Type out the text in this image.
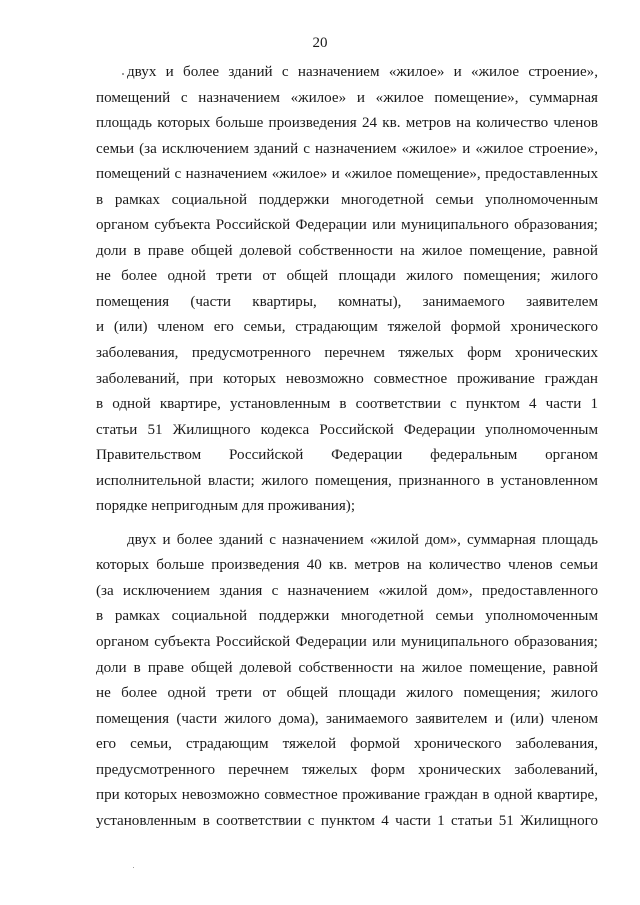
20
двух и более зданий с назначением «жилое» и «жилое строение»,
помещений с назначением «жилое» и «жилое помещение», суммарная
площадь которых больше произведения 24 кв. метров на количество членов
семьи (за исключением зданий с назначением «жилое» и «жилое строение»,
помещений с назначением «жилое» и «жилое помещение», предоставленных
в рамках социальной поддержки многодетной семьи уполномоченным
органом субъекта Российской Федерации или муниципального образования;
доли в праве общей долевой собственности на жилое помещение, равной
не более одной трети от общей площади жилого помещения; жилого
помещения (части квартиры, комнаты), занимаемого заявителем
и (или) членом его семьи, страдающим тяжелой формой хронического
заболевания, предусмотренного перечнем тяжелых форм хронических
заболеваний, при которых невозможно совместное проживание граждан
в одной квартире, установленным в соответствии с пунктом 4 части 1
статьи 51 Жилищного кодекса Российской Федерации уполномоченным
Правительством Российской Федерации федеральным органом
исполнительной власти; жилого помещения, признанного в установленном
порядке непригодным для проживания);
двух и более зданий с назначением «жилой дом», суммарная площадь
которых больше произведения 40 кв. метров на количество членов семьи
(за исключением здания с назначением «жилой дом», предоставленного
в рамках социальной поддержки многодетной семьи уполномоченным
органом субъекта Российской Федерации или муниципального образования;
доли в праве общей долевой собственности на жилое помещение, равной
не более одной трети от общей площади жилого помещения; жилого
помещения (части жилого дома), занимаемого заявителем и (или) членом
его семьи, страдающим тяжелой формой хронического заболевания,
предусмотренного перечнем тяжелых форм хронических заболеваний,
при которых невозможно совместное проживание граждан в одной квартире,
установленным в соответствии с пунктом 4 части 1 статьи 51 Жилищного
